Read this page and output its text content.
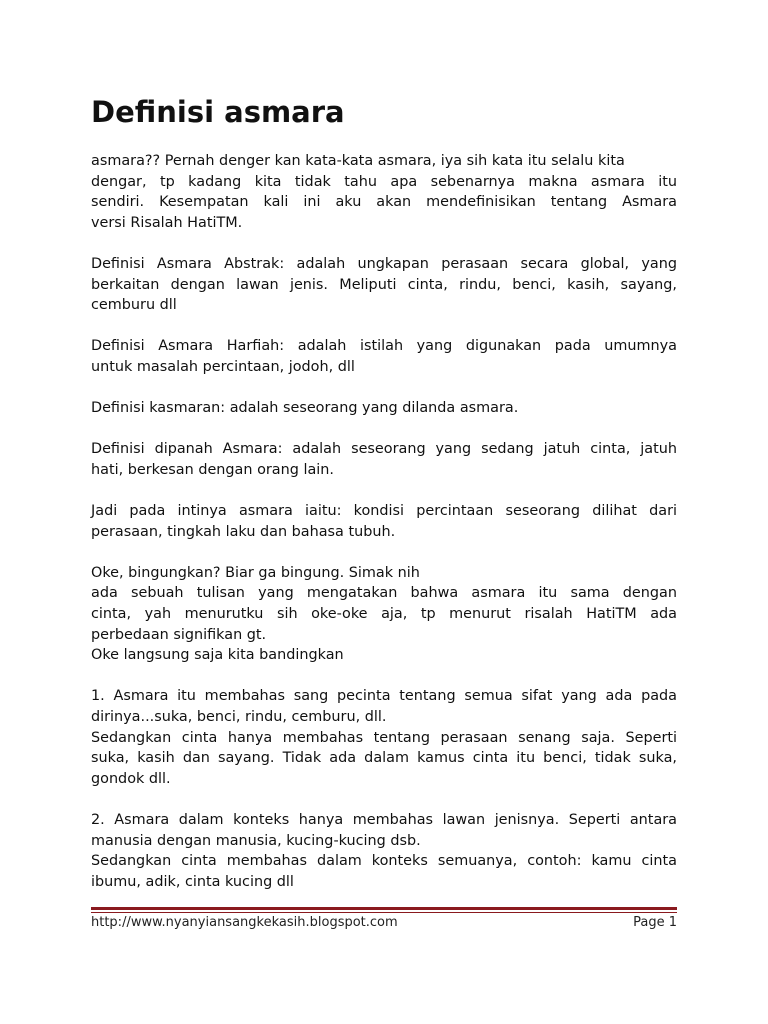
Definisi asmara

asmara?? Pernah denger kan kata-kata asmara, iya sih kata itu selalu kita
dengar, tp kadang kita tidak tahu apa sebenarnya makna asmara itu
sendiri. Kesempatan kali ini aku akan mendefinisikan tentang Asmara
versi Risalah HatiTM.

Definisi Asmara Abstrak: adalah ungkapan perasaan secara global, yang
berkaitan dengan lawan jenis. Meliputi cinta, rindu, benci, kasih, sayang,
cemburu dll

Definisi Asmara Harfiah: adalah istilah yang digunakan pada umumnya
untuk masalah percintaan, jodoh, dll

Definisi kasmaran: adalah seseorang yang dilanda asmara.

Definisi dipanah Asmara: adalah seseorang yang sedang jatuh cinta, jatuh
hati, berkesan dengan orang lain.

Jadi pada intinya asmara iaitu: kondisi percintaan seseorang dilihat dari
perasaan, tingkah laku dan bahasa tubuh.

Oke, bingungkan? Biar ga bingung. Simak nih
ada sebuah tulisan yang mengatakan bahwa asmara itu sama dengan
cinta, yah menurutku sih oke-oke aja, tp menurut risalah HatiTM ada
perbedaan signifikan gt.
Oke langsung saja kita bandingkan

1. Asmara itu membahas sang pecinta tentang semua sifat yang ada pada
dirinya...suka, benci, rindu, cemburu, dll.
Sedangkan cinta hanya membahas tentang perasaan senang saja. Seperti
suka, kasih dan sayang. Tidak ada dalam kamus cinta itu benci, tidak suka,
gondok dll.

2. Asmara dalam konteks hanya membahas lawan jenisnya. Seperti antara
manusia dengan manusia, kucing-kucing dsb.
Sedangkan cinta membahas dalam konteks semuanya, contoh: kamu cinta
ibumu, adik, cinta kucing dll

http://www.nyanyiansangkekasih.blogspot.com	Page 1
